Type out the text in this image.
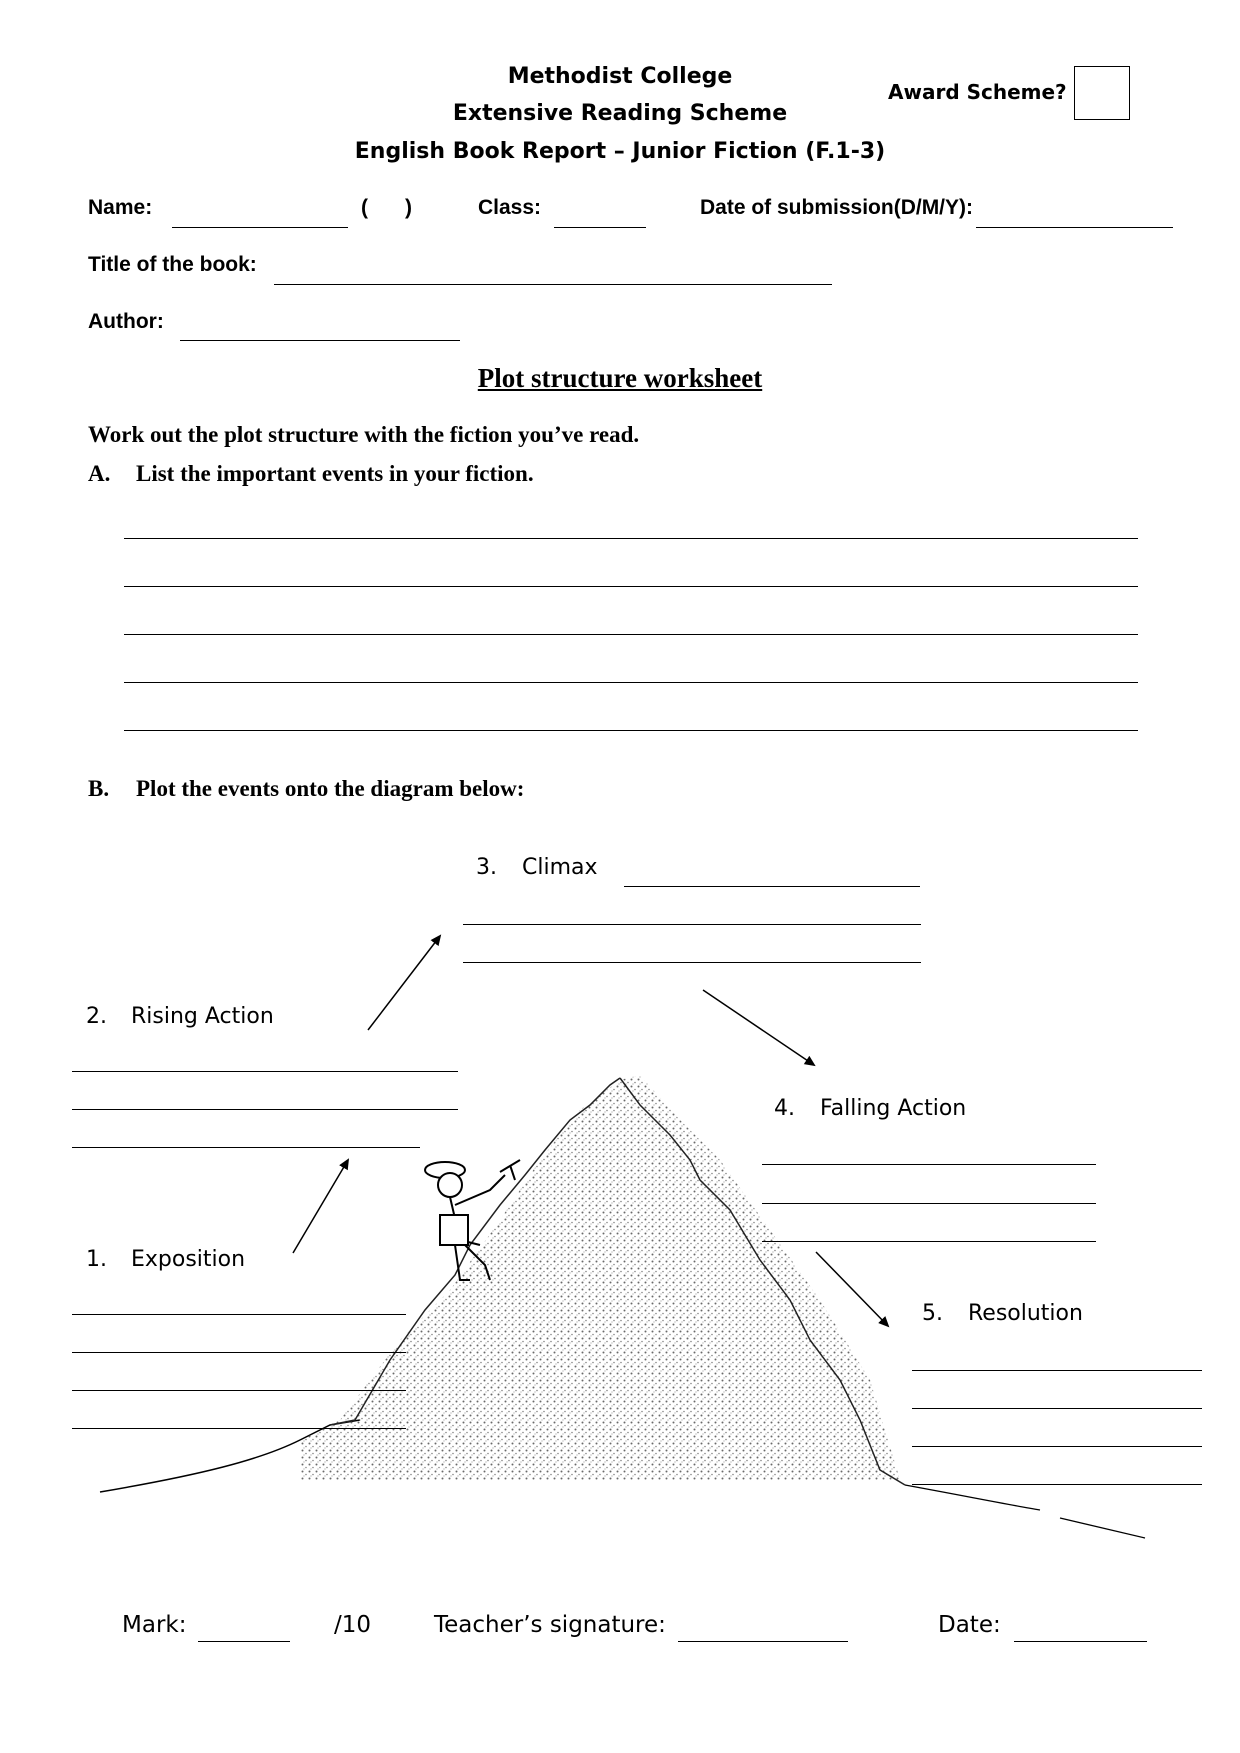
Methodist College
Extensive Reading Scheme
English Book Report – Junior Fiction (F.1-3)
Award Scheme?
Name:	( )	Class:	Date of submission(D/M/Y):
Title of the book:
Author:
Plot structure worksheet
Work out the plot structure with the fiction you’ve read.
A. List the important events in your fiction.
B. Plot the events onto the diagram below:
3. Climax
2. Rising Action
4. Falling Action
1. Exposition
5. Resolution
Mark:	/10	Teacher’s signature:	Date:
